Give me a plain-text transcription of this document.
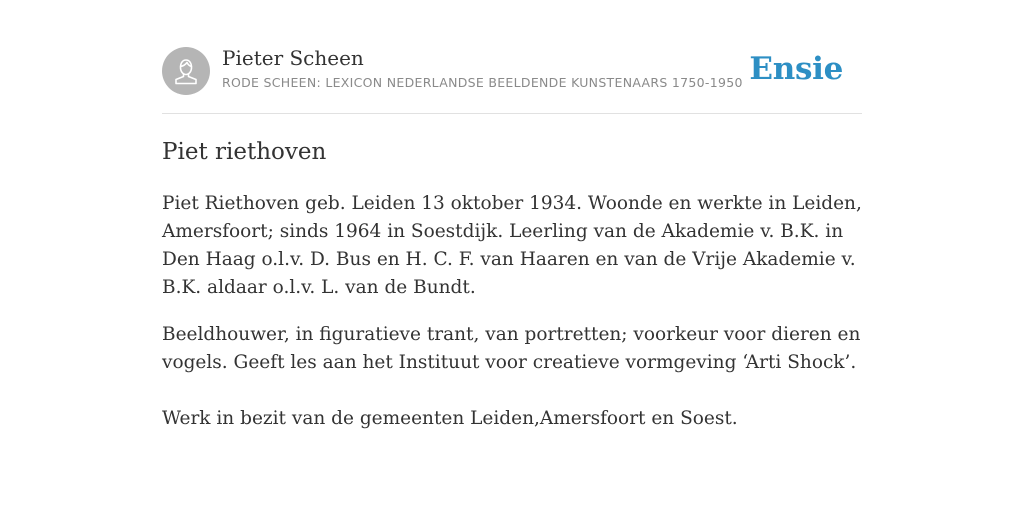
Pieter Scheen
RODE SCHEEN: LEXICON NEDERLANDSE BEELDENDE KUNSTENAARS 1750-1950 Ensie
Piet riethoven

Piet Riethoven geb. Leiden 13 oktober 1934. Woonde en werkte in Leiden, Amersfoort; sinds 1964 in Soestdijk. Leerling van de Akademie v. B.K. in Den Haag o.l.v. D. Bus en H. C. F. van Haaren en van de Vrije Akademie v. B.K. aldaar o.l.v. L. van de Bundt.

Beeldhouwer, in figuratieve trant, van portretten; voorkeur voor dieren en vogels. Geeft les aan het Instituut voor creatieve vormgeving ‘Arti Shock’.

Werk in bezit van de gemeenten Leiden,Amersfoort en Soest.
